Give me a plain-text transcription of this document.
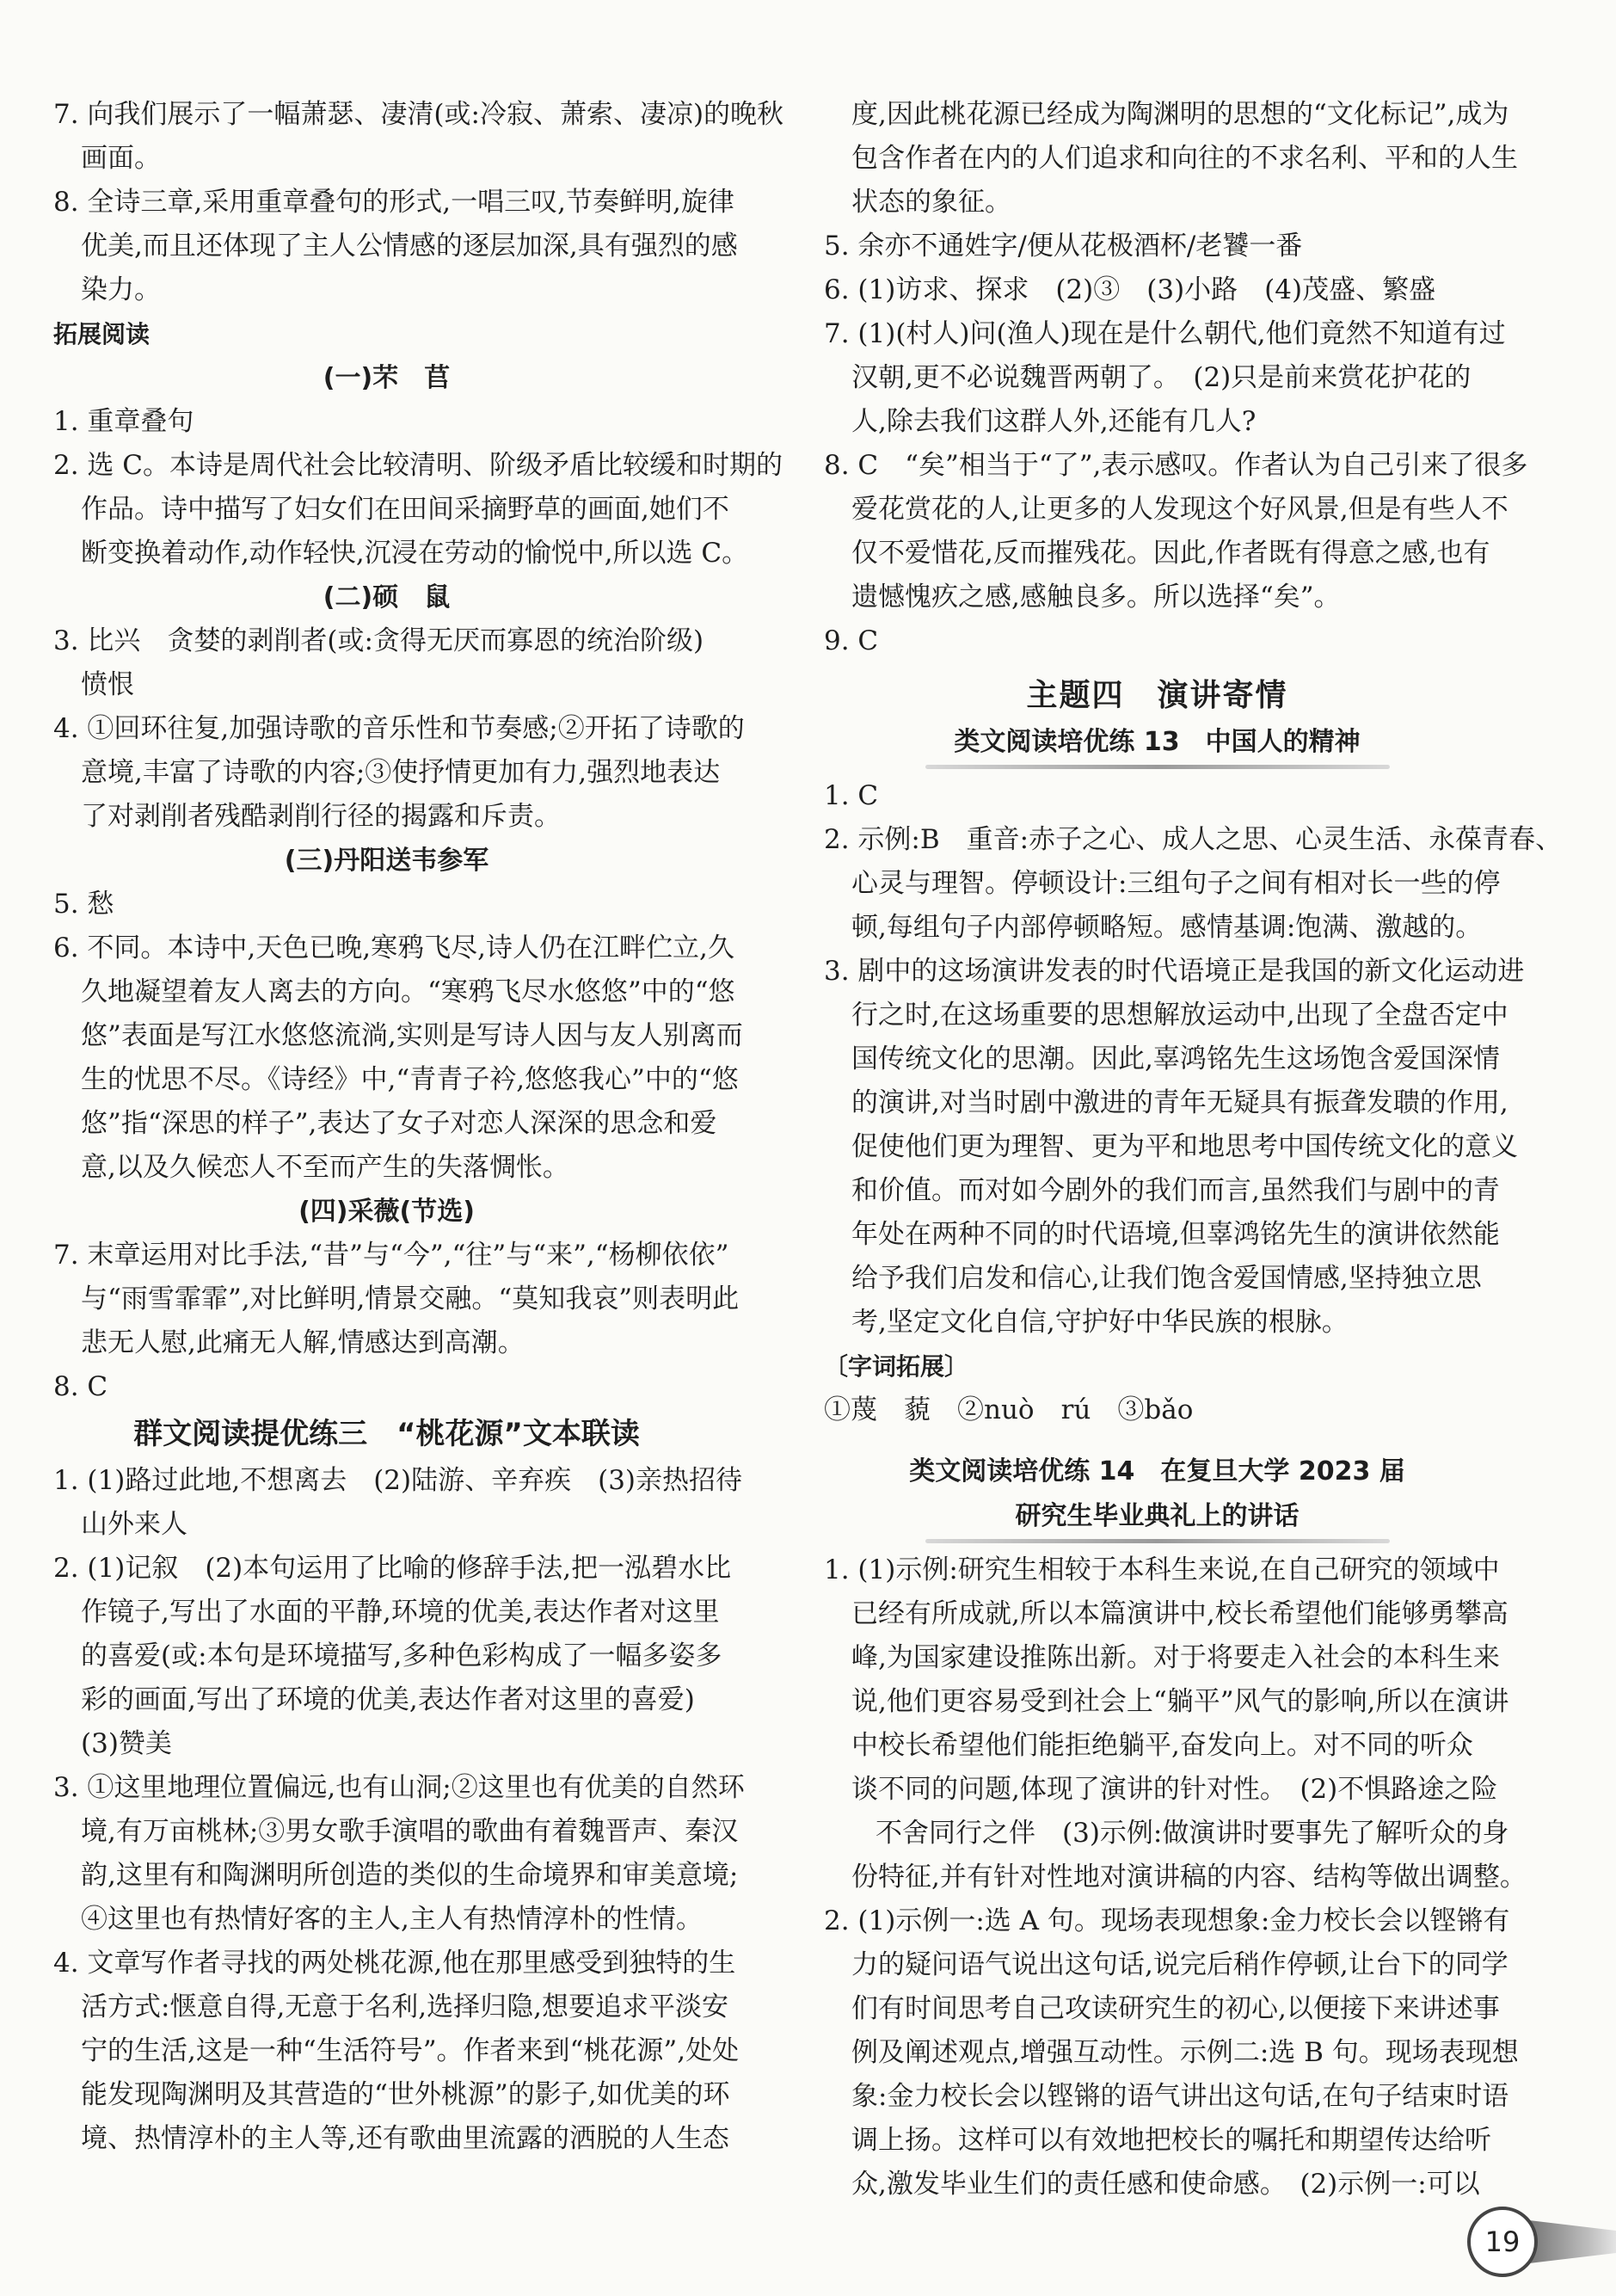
7. 向我们展示了一幅萧瑟、凄清(或:冷寂、萧索、凄凉)的晚秋
画面。
8. 全诗三章,采用重章叠句的形式,一唱三叹,节奏鲜明,旋律
优美,而且还体现了主人公情感的逐层加深,具有强烈的感
染力。
拓展阅读
(一)芣　苢
1. 重章叠句
2. 选 C。本诗是周代社会比较清明、阶级矛盾比较缓和时期的
作品。诗中描写了妇女们在田间采摘野草的画面,她们不
断变换着动作,动作轻快,沉浸在劳动的愉悦中,所以选 C。
(二)硕　鼠
3. 比兴　贪婪的剥削者(或:贪得无厌而寡恩的统治阶级)
愤恨
4. ①回环往复,加强诗歌的音乐性和节奏感;②开拓了诗歌的
意境,丰富了诗歌的内容;③使抒情更加有力,强烈地表达
了对剥削者残酷剥削行径的揭露和斥责。
(三)丹阳送韦参军
5. 愁
6. 不同。本诗中,天色已晚,寒鸦飞尽,诗人仍在江畔伫立,久
久地凝望着友人离去的方向。“寒鸦飞尽水悠悠”中的“悠
悠”表面是写江水悠悠流淌,实则是写诗人因与友人别离而
生的忧思不尽。《诗经》中,“青青子衿,悠悠我心”中的“悠
悠”指“深思的样子”,表达了女子对恋人深深的思念和爱
意,以及久候恋人不至而产生的失落惆怅。
(四)采薇(节选)
7. 末章运用对比手法,“昔”与“今”,“往”与“来”,“杨柳依依”
与“雨雪霏霏”,对比鲜明,情景交融。“莫知我哀”则表明此
悲无人慰,此痛无人解,情感达到高潮。
8. C
群文阅读提优练三　“桃花源”文本联读
1. (1)路过此地,不想离去　(2)陆游、辛弃疾　(3)亲热招待
山外来人
2. (1)记叙　(2)本句运用了比喻的修辞手法,把一泓碧水比
作镜子,写出了水面的平静,环境的优美,表达作者对这里
的喜爱(或:本句是环境描写,多种色彩构成了一幅多姿多
彩的画面,写出了环境的优美,表达作者对这里的喜爱)
(3)赞美
3. ①这里地理位置偏远,也有山洞;②这里也有优美的自然环
境,有万亩桃林;③男女歌手演唱的歌曲有着魏晋声、秦汉
韵,这里有和陶渊明所创造的类似的生命境界和审美意境;
④这里也有热情好客的主人,主人有热情淳朴的性情。
4. 文章写作者寻找的两处桃花源,他在那里感受到独特的生
活方式:惬意自得,无意于名利,选择归隐,想要追求平淡安
宁的生活,这是一种“生活符号”。作者来到“桃花源”,处处
能发现陶渊明及其营造的“世外桃源”的影子,如优美的环
境、热情淳朴的主人等,还有歌曲里流露的洒脱的人生态
度,因此桃花源已经成为陶渊明的思想的“文化标记”,成为
包含作者在内的人们追求和向往的不求名利、平和的人生
状态的象征。
5. 余亦不通姓字/便从花极酒杯/老饕一番
6. (1)访求、探求　(2)③　(3)小路　(4)茂盛、繁盛
7. (1)(村人)问(渔人)现在是什么朝代,他们竟然不知道有过
汉朝,更不必说魏晋两朝了。　(2)只是前来赏花护花的
人,除去我们这群人外,还能有几人?
8. C　“矣”相当于“了”,表示感叹。作者认为自己引来了很多
爱花赏花的人,让更多的人发现这个好风景,但是有些人不
仅不爱惜花,反而摧残花。因此,作者既有得意之感,也有
遗憾愧疚之感,感触良多。所以选择“矣”。
9. C
主题四　演讲寄情
类文阅读培优练 13　中国人的精神
1. C
2. 示例:B　重音:赤子之心、成人之思、心灵生活、永葆青春、
心灵与理智。停顿设计:三组句子之间有相对长一些的停
顿,每组句子内部停顿略短。感情基调:饱满、激越的。
3. 剧中的这场演讲发表的时代语境正是我国的新文化运动进
行之时,在这场重要的思想解放运动中,出现了全盘否定中
国传统文化的思潮。因此,辜鸿铭先生这场饱含爱国深情
的演讲,对当时剧中激进的青年无疑具有振聋发聩的作用,
促使他们更为理智、更为平和地思考中国传统文化的意义
和价值。而对如今剧外的我们而言,虽然我们与剧中的青
年处在两种不同的时代语境,但辜鸿铭先生的演讲依然能
给予我们启发和信心,让我们饱含爱国情感,坚持独立思
考,坚定文化自信,守护好中华民族的根脉。
〔字词拓展〕
①蔑　藐　②nuò　rú　③bǎo
类文阅读培优练 14　在复旦大学 2023 届
研究生毕业典礼上的讲话
1. (1)示例:研究生相较于本科生来说,在自己研究的领域中
已经有所成就,所以本篇演讲中,校长希望他们能够勇攀高
峰,为国家建设推陈出新。对于将要走入社会的本科生来
说,他们更容易受到社会上“躺平”风气的影响,所以在演讲
中校长希望他们能拒绝躺平,奋发向上。对不同的听众
谈不同的问题,体现了演讲的针对性。　(2)不惧路途之险
不舍同行之伴　(3)示例:做演讲时要事先了解听众的身
份特征,并有针对性地对演讲稿的内容、结构等做出调整。
2. (1)示例一:选 A 句。现场表现想象:金力校长会以铿锵有
力的疑问语气说出这句话,说完后稍作停顿,让台下的同学
们有时间思考自己攻读研究生的初心,以便接下来讲述事
例及阐述观点,增强互动性。示例二:选 B 句。现场表现想
象:金力校长会以铿锵的语气讲出这句话,在句子结束时语
调上扬。这样可以有效地把校长的嘱托和期望传达给听
众,激发毕业生们的责任感和使命感。　(2)示例一:可以
19
